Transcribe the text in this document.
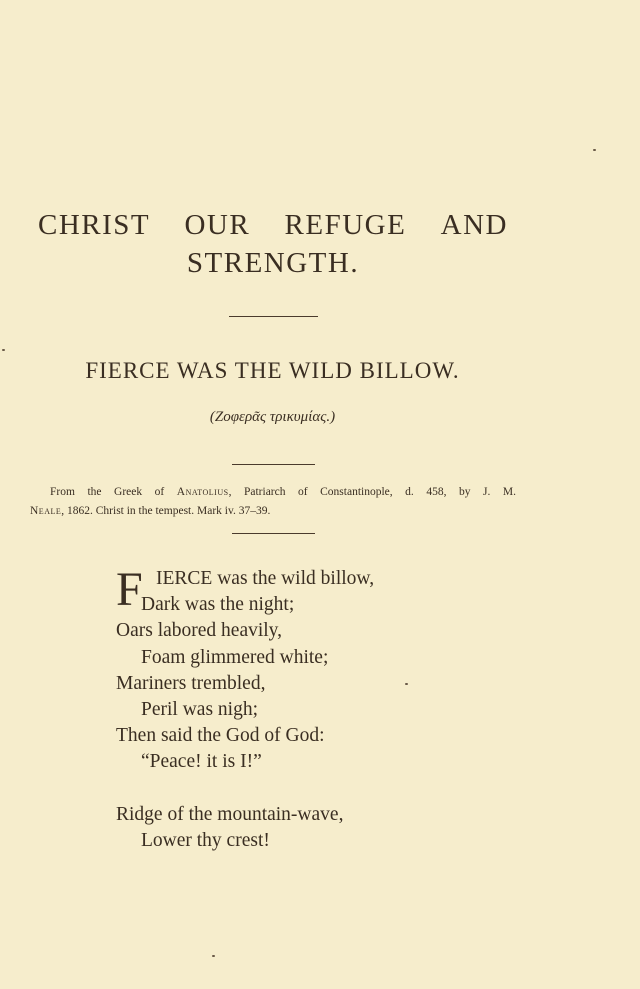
CHRIST OUR REFUGE AND
STRENGTH.
FIERCE WAS THE WILD BILLOW.
(Ζοφερᾶς τρικυμίας.)
From the Greek of Anatolius, Patriarch of Constantinople, d. 458, by J. M.
Neale, 1862. Christ in the tempest. Mark iv. 37–39.
F IERCE was the wild billow,
Dark was the night;
Oars labored heavily,
Foam glimmered white;
Mariners trembled,
Peril was nigh;
Then said the God of God:
“Peace! it is I!”
Ridge of the mountain-wave,
Lower thy crest!
